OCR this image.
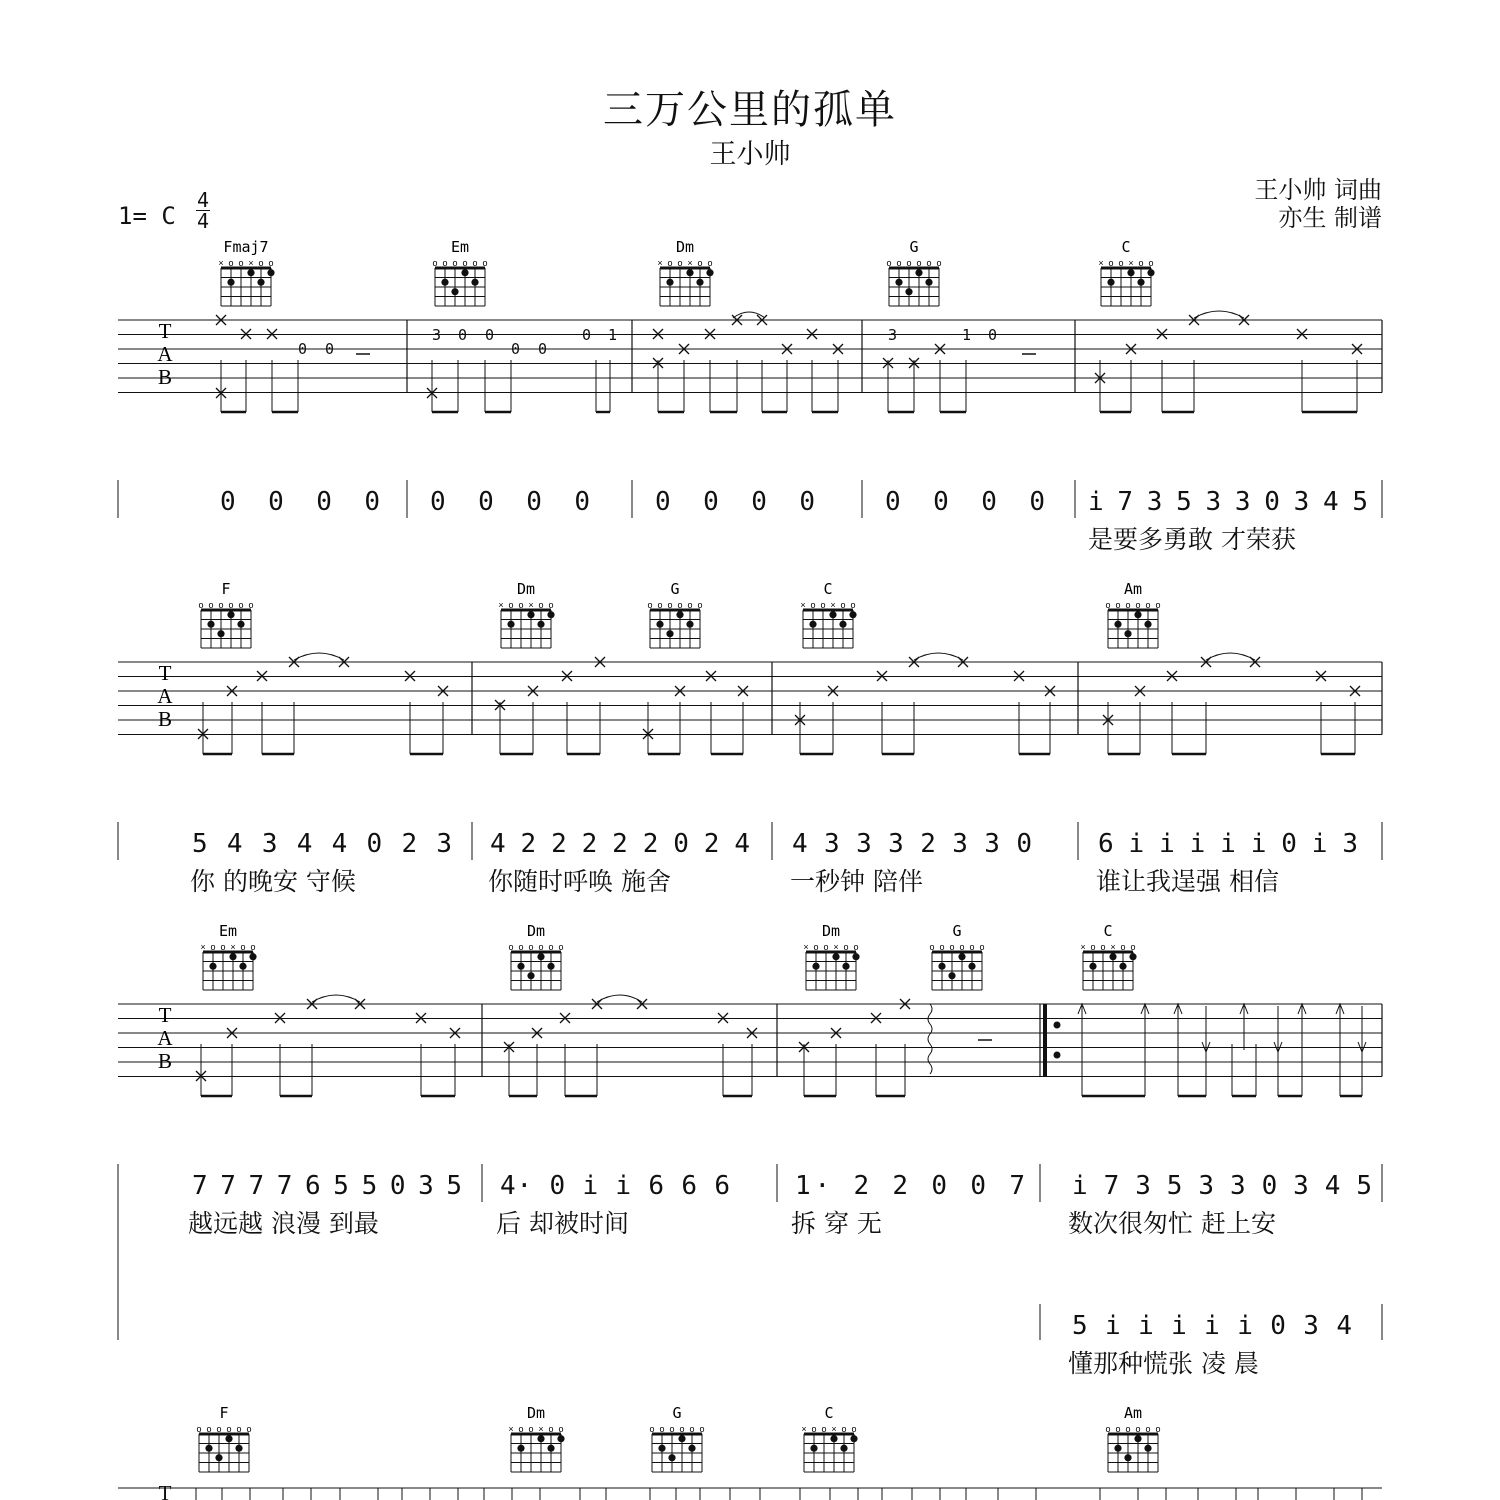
三万公里的孤单
王小帅
王小帅 词曲
亦生 制谱
1= C
4
4
Fmaj7
× o o × o o
Em
o o o o o o
Dm
× o o × o o
G
o o o o o o
C
× o o × o o
T
A
B
0 0
3 0 0
0 0
0 1	3	1 0
0 0 0 0 0 0 0 0	0 0 0 0	0 0 0 0 i 7 3 5 3 3 0 3 4 5
是要多勇敢 才荣获
F
o o o o o o
Dm
× o o × o o
G
o o o o o o
C
× o o × o o
Am
o o o o o o
T
A
B
5 4 3 4 4 0 2 3
你 的晚安 守候
4 2 2 2 2 2 0 2 4
你随时呼唤 施舍
4 3 3 3 2 3 3 0
一秒钟 陪伴
6 i i i i i 0 i 3
谁让我逞强 相信
Em
× o o × o o
Dm
o o o o o o
Dm
× o o × o o
G
o o o o o o
C
× o o × o o
T
A
B
7 7 7 7 6 5 5 0 3 5
越远越 浪漫 到最
4· 0 i i 6 6 6
后 却被时间
1· 2 2 0 0 7
拆 穿 无
i 7 3 5 3 3 0 3 4 5
数次很匆忙 赶上安
5 i i i i i 0 3 4
懂那种慌张 凌 晨
F
o o o o o o
Dm
× o o × o o
G
o o o o o o
C
× o o × o o
Am
o o o o o o
T
